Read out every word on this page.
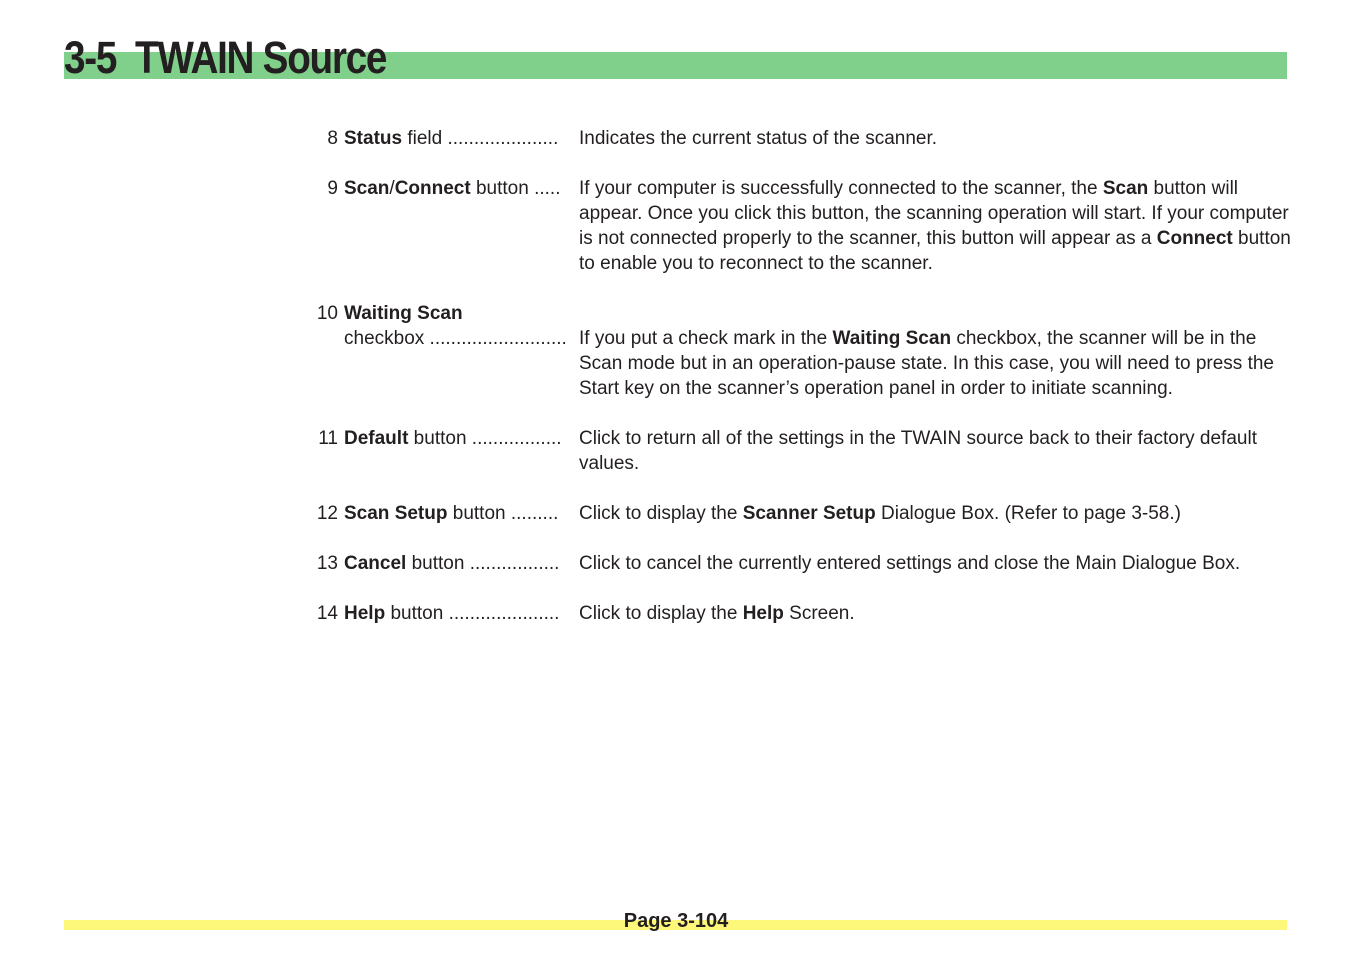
3-5 TWAIN Source
8 Status field .....................	Indicates the current status of the scanner.
9 Scan/Connect button ..... If your computer is successfully connected to the scanner, the Scan button will appear. Once you click this button, the scanning operation will start. If your computer is not connected properly to the scanner, this button will appear as a Connect button to enable you to reconnect to the scanner.
10 Waiting Scan
checkbox .......................... If you put a check mark in the Waiting Scan checkbox, the scanner will be in the Scan mode but in an operation-pause state. In this case, you will need to press the Start key on the scanner’s operation panel in order to initiate scanning.
11 Default button ................. Click to return all of the settings in the TWAIN source back to their factory default values.
12 Scan Setup button .........	Click to display the Scanner Setup Dialogue Box. (Refer to page 3-58.)
13 Cancel button .................	Click to cancel the currently entered settings and close the Main Dialogue Box.
14 Help button .....................	Click to display the Help Screen.
Page 3-104
